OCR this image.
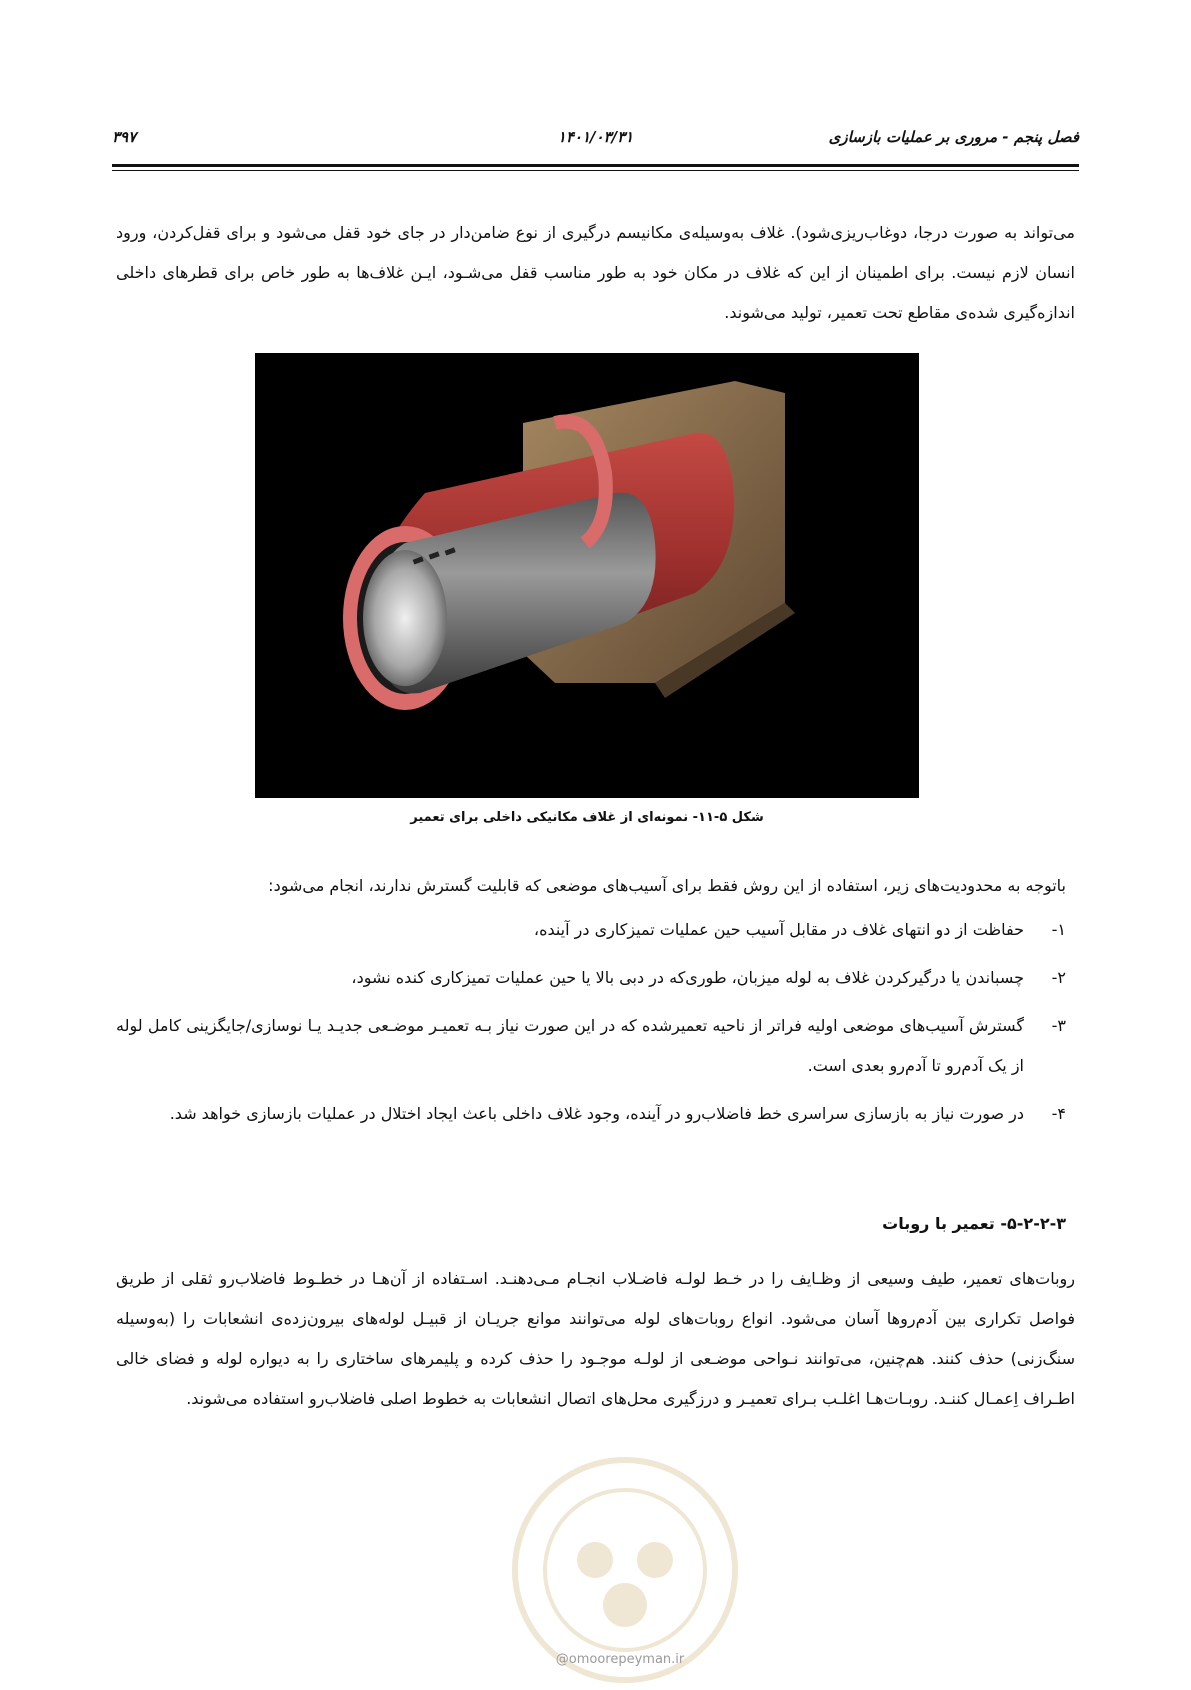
فصل پنجم - مروری بر عملیات بازسازی
۱۴۰۱/۰۳/۳۱
۳۹۷
می‌تواند به صورت درجا، دوغاب‌ریزی‌شود). غلاف به‌وسیله‌ی مکانیسم درگیری از نوع ضامن‌دار در جای خود قفل می‌شود و برای قفل‌کردن، ورود انسان لازم نیست. برای اطمینان از این که غلاف در مکان خود به طور مناسب قفل می‌شـود، ایـن غلاف‌ها به طور خاص برای قطرهای داخلی اندازه‌گیری شده‌ی مقاطع تحت تعمیر، تولید می‌شوند.
شکل ۵-۱۱- نمونه‌ای از غلاف مکانیکی داخلی برای تعمیر
باتوجه به محدودیت‌های زیر، استفاده از این روش فقط برای آسیب‌های موضعی که قابلیت گسترش ندارند، انجام می‌شود:
۱-
حفاظت از دو انتهای غلاف در مقابل آسیب حین عملیات تمیزکاری در آینده،
۲-
چسباندن یا درگیرکردن غلاف به لوله میزبان، طوری‌که در دبی بالا یا حین عملیات تمیزکاری کنده نشود،
۳-
گسترش آسیب‌های موضعی اولیه فراتر از ناحیه تعمیرشده که در این صورت نیاز بـه تعمیـر موضـعی جدیـد یـا نوسازی/جایگزینی کامل لوله از یک آدم‌رو تا آدم‌رو بعدی است.
۴-
در صورت نیاز به بازسازی سراسری خط فاضلاب‌رو در آینده، وجود غلاف داخلی باعث ایجاد اختلال در عملیات بازسازی خواهد شد.
۵-۲-۲-۳- تعمیر با روبات
روبات‌های تعمیر، طیف وسیعی از وظـایف را در خـط لولـه فاضـلاب انجـام مـی‌دهنـد. اسـتفاده از آن‌هـا در خطـوط فاضلاب‌رو ثقلی از طریق فواصل تکراری بین آدم‌روها آسان می‌شود. انواع روبات‌های لوله می‌توانند موانع جریـان از قبیـل لوله‌های بیرون‌زده‌ی انشعابات را (به‌وسیله سنگ‌زنی) حذف کنند. هم‌چنین، می‌توانند نـواحی موضـعی از لولـه موجـود را حذف کرده و پلیمرهای ساختاری را به دیواره لوله و فضای خالی اطـراف اِعمـال کننـد. روبـات‌هـا اغلـب بـرای تعمیـر و درزگیری محل‌های اتصال انشعابات به خطوط اصلی فاضلاب‌رو استفاده می‌شوند.
@omoorepeyman.ir
